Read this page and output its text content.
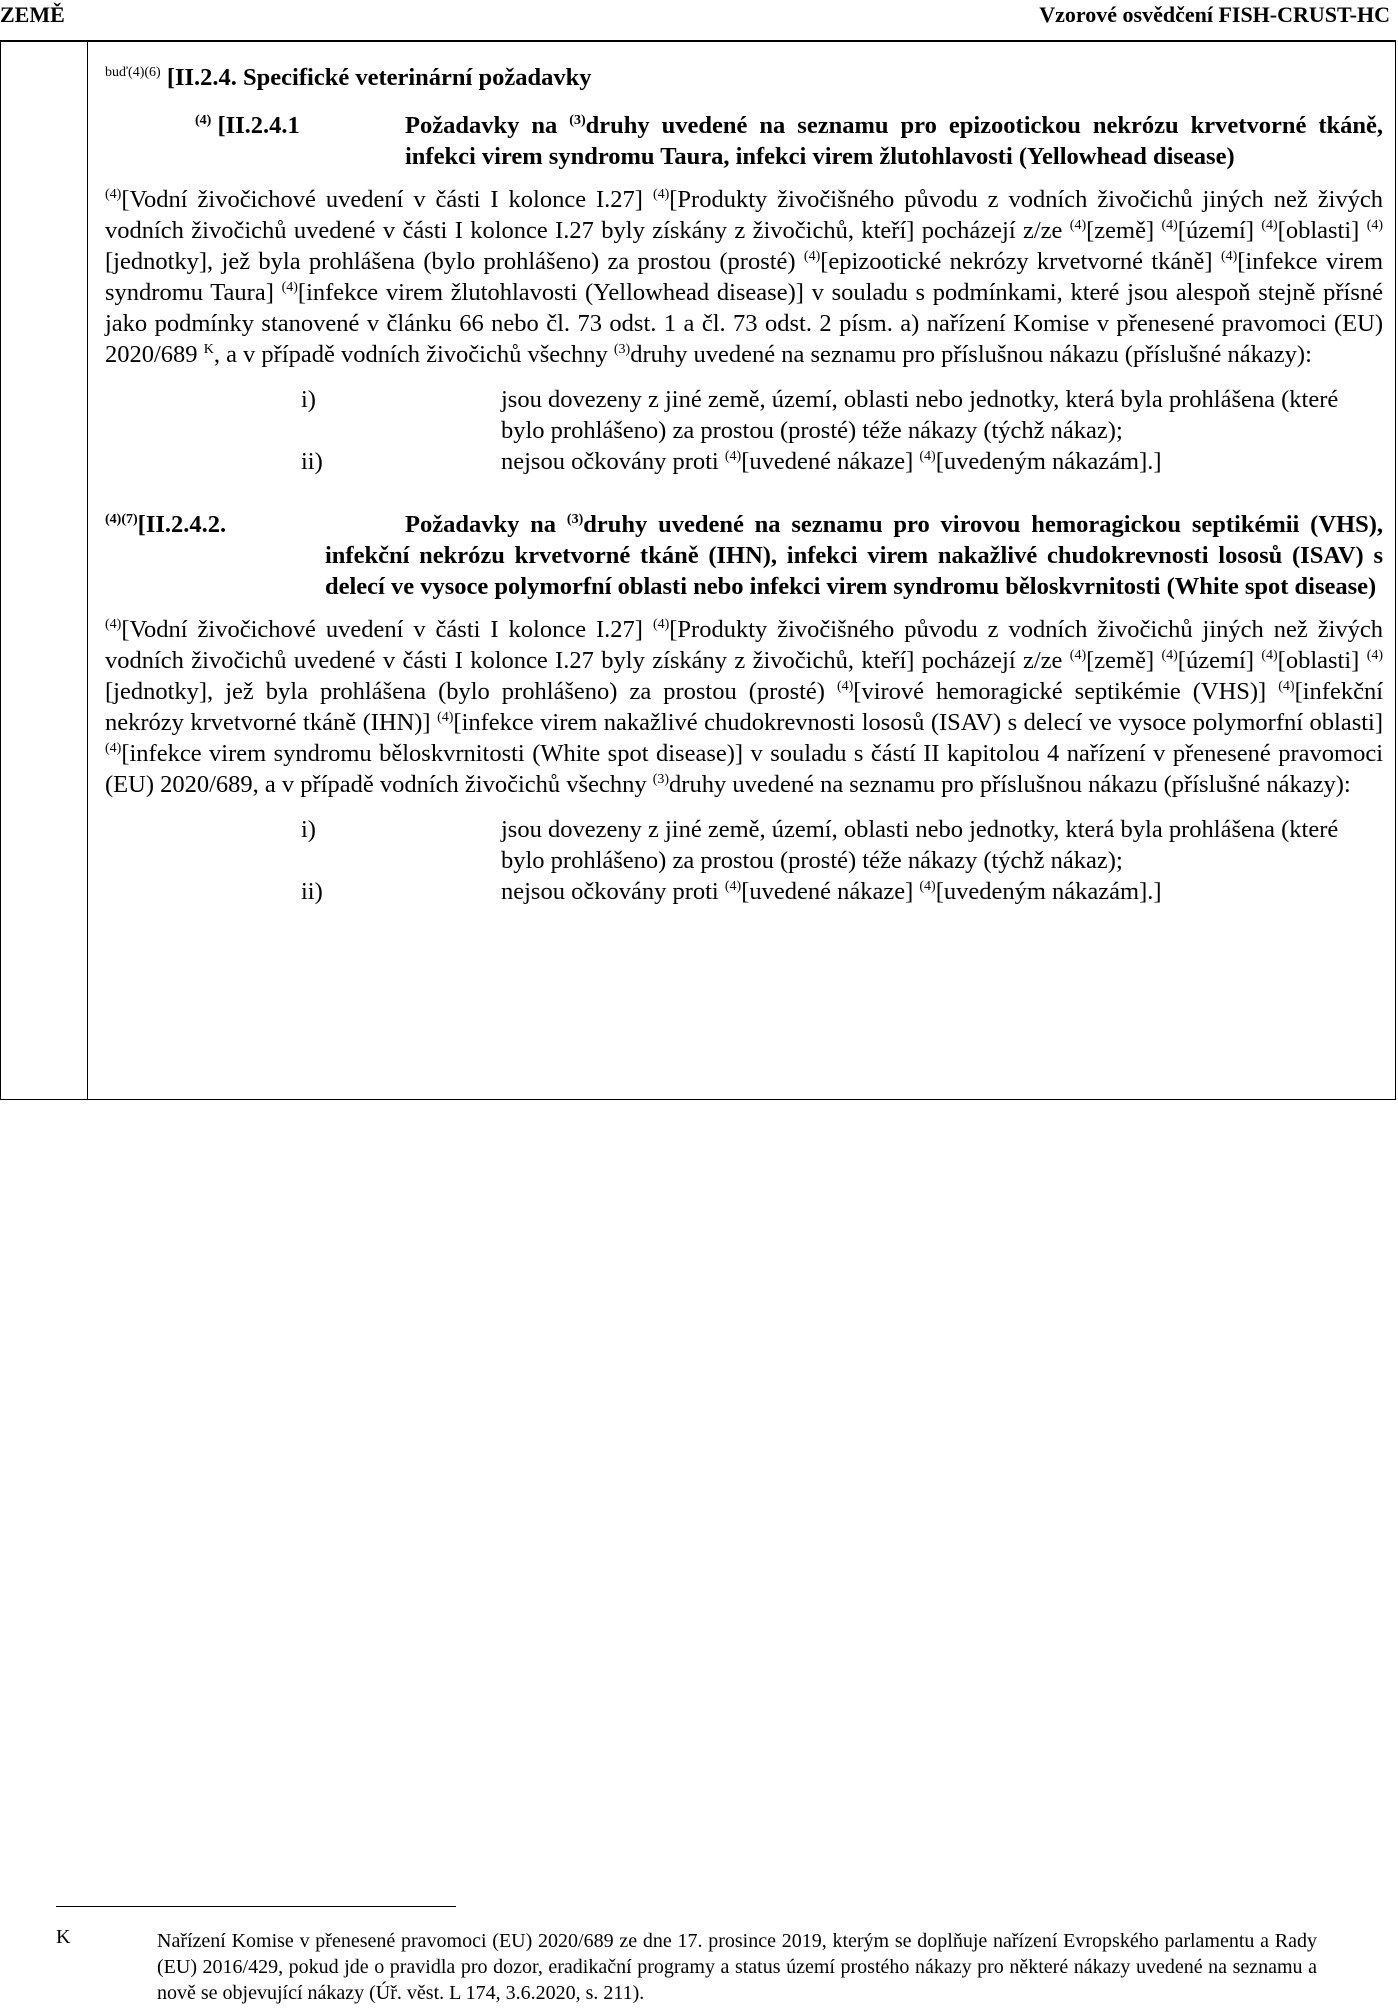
ZEMĚ	Vzorové osvědčení FISH-CRUST-HC
$^{buď(4)(6)}$
[II.2.4. Specifické veterinární požadavky
$^{(4)}$ [II.2.4.1	Požadavky na $^{(3)}$druhy uvedené na seznamu pro epizootickou nekrózu krvetvorné tkáně, infekci virem syndromu Taura, infekci virem žlutohlavosti (Yellowhead disease)
$^{(4)}$[Vodní živočichové uvedení v části I kolonce I.27] $^{(4)}$[Produkty živočišného původu z vodních živočichů jiných než živých vodních živočichů uvedené v části I kolonce I.27 byly získány z živočichů, kteří] pocházejí z/ze $^{(4)}$[země] $^{(4)}$[území] $^{(4)}$[oblasti] $^{(4)}$[jednotky], jež byla prohlášena (bylo prohlášeno) za prostou (prosté) $^{(4)}$[epizootické nekrózy krvetvorné tkáně] $^{(4)}$[infekce virem syndromu Taura] $^{(4)}$[infekce virem žlutohlavosti (Yellowhead disease)] v souladu s podmínkami, které jsou alespoň stejně přísné jako podmínky stanovené v článku 66 nebo čl. 73 odst. 1 a čl. 73 odst. 2 písm. a) nařízení Komise v přenesené pravomoci (EU) 2020/689 $^K$, a v případě vodních živočichů všechny $^{(3)}$druhy uvedené na seznamu pro příslušnou nákazu (příslušné nákazy):
i)	jsou dovezeny z jiné země, území, oblasti nebo jednotky, která byla prohlášena (které bylo prohlášeno) za prostou (prosté) téže nákazy (týchž nákaz);
ii)	nejsou očkovány proti $^{(4)}$[uvedené nákaze] $^{(4)}$[uvedeným nákazám].]
$^{(4)(7)}$[II.2.4.2.	Požadavky na $^{(3)}$druhy uvedené na seznamu pro virovou hemoragickou septikémii (VHS), infekční nekrózu krvetvorné tkáně (IHN), infekci virem nakažlivé chudokrevnosti lososů (ISAV) s delecí ve vysoce polymorfní oblasti nebo infekci virem syndromu běloskvrnitosti (White spot disease)
$^{(4)}$[Vodní živočichové uvedení v části I kolonce I.27] $^{(4)}$[Produkty živočišného původu z vodních živočichů jiných než živých vodních živočichů uvedené v části I kolonce I.27 byly získány z živočichů, kteří] pocházejí z/ze $^{(4)}$[země] $^{(4)}$[území] $^{(4)}$[oblasti] $^{(4)}$[jednotky], jež byla prohlášena (bylo prohlášeno) za prostou (prosté) $^{(4)}$[virové hemoragické septikémie (VHS)] $^{(4)}$[infekční nekrózy krvetvorné tkáně (IHN)] $^{(4)}$[infekce virem nakažlivé chudokrevnosti lososů (ISAV) s delecí ve vysoce polymorfní oblasti] $^{(4)}$[infekce virem syndromu běloskvrnitosti (White spot disease)] v souladu s částí II kapitolou 4 nařízení v přenesené pravomoci (EU) 2020/689, a v případě vodních živočichů všechny $^{(3)}$druhy uvedené na seznamu pro příslušnou nákazu (příslušné nákazy):
i)	jsou dovezeny z jiné země, území, oblasti nebo jednotky, která byla prohlášena (které bylo prohlášeno) za prostou (prosté) téže nákazy (týchž nákaz);
ii)	nejsou očkovány proti $^{(4)}$[uvedené nákaze] $^{(4)}$[uvedeným nákazám].]
K	Nařízení Komise v přenesené pravomoci (EU) 2020/689 ze dne 17. prosince 2019, kterým se doplňuje nařízení Evropského parlamentu a Rady (EU) 2016/429, pokud jde o pravidla pro dozor, eradikační programy a status území prostého nákazy pro některé nákazy uvedené na seznamu a nově se objevující nákazy (Úř. věst. L 174, 3.6.2020, s. 211).
